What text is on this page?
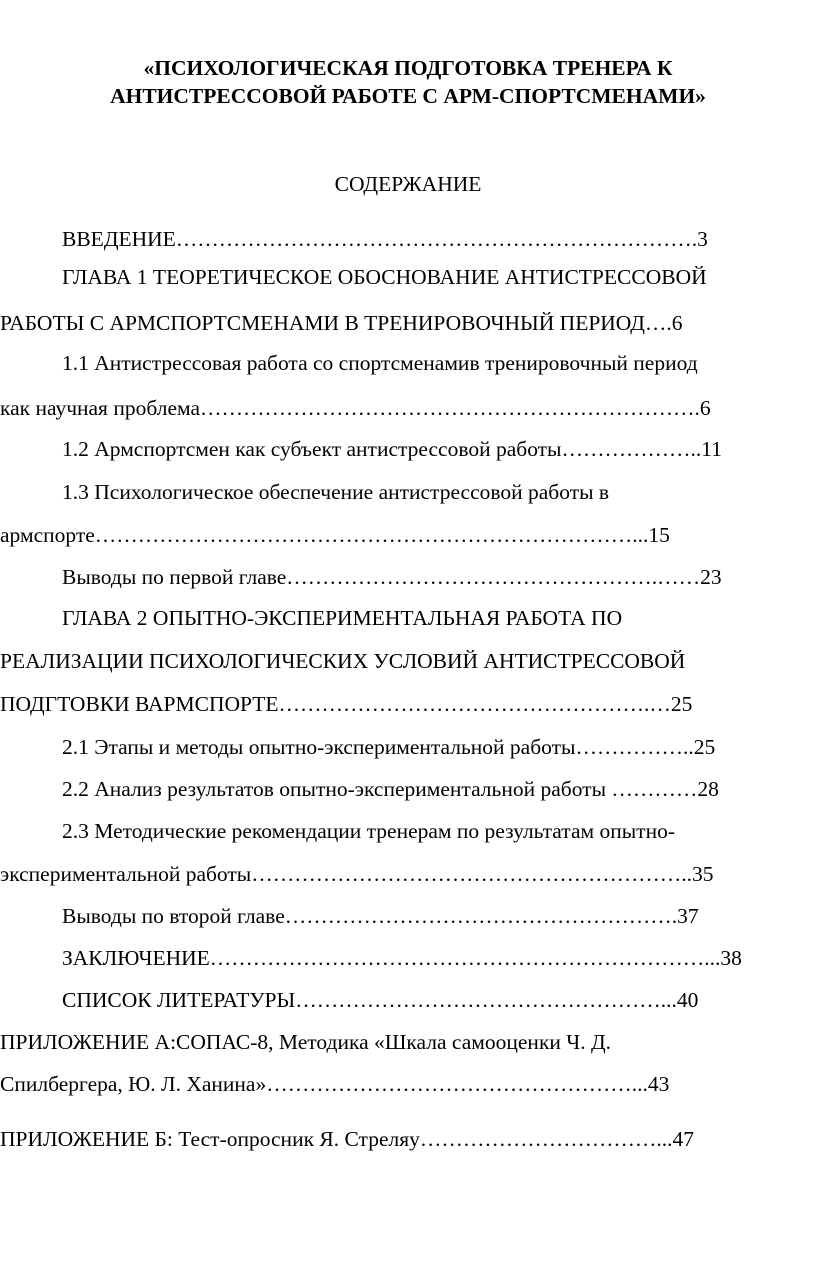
«ПСИХОЛОГИЧЕСКАЯ ПОДГОТОВКА ТРЕНЕРА К
АНТИСТРЕССОВОЙ РАБОТЕ С АРМ-СПОРТСМЕНАМИ»
СОДЕРЖАНИЕ
ВВЕДЕНИЕ……………………………………………………………….3
ГЛАВА 1 ТЕОРЕТИЧЕСКОЕ ОБОСНОВАНИЕ АНТИСТРЕССОВОЙ
РАБОТЫ С АРМСПОРТСМЕНАМИ В ТРЕНИРОВОЧНЫЙ ПЕРИОД….6
1.1 Антистрессовая работа со спортсменамив тренировочный период
как научная проблема…………………………………………………………….6
1.2 Армспортсмен как субъект антистрессовой работы………………..11
1.3 Психологическое обеспечение антистрессовой работы в
армспорте…………………………………………………………………...15
Выводы по первой главе…………………………………………….……23
ГЛАВА 2 ОПЫТНО-ЭКСПЕРИМЕНТАЛЬНАЯ РАБОТА ПО
РЕАЛИЗАЦИИ ПСИХОЛОГИЧЕСКИХ УСЛОВИЙ АНТИСТРЕССОВОЙ
ПОДГТОВКИ ВАРМСПОРТЕ…………………………………………….…25
2.1 Этапы и методы опытно-экспериментальной работы……………..25
2.2 Анализ результатов опытно-экспериментальной работы …………28
2.3 Методические рекомендации тренерам по результатам опытно-
экспериментальной работы……………………………………………………..35
Выводы по второй главе……………………………………………….37
ЗАКЛЮЧЕНИЕ……………………………………………………………...38
СПИСОК ЛИТЕРАТУРЫ……………………………………………...40
ПРИЛОЖЕНИЕ А:СОПАС-8, Методика «Шкала самооценки Ч. Д.
Спилбергера, Ю. Л. Ханина»……………………………………………...43
ПРИЛОЖЕНИЕ Б: Тест-опросник Я. Стреляу……………………………...47
